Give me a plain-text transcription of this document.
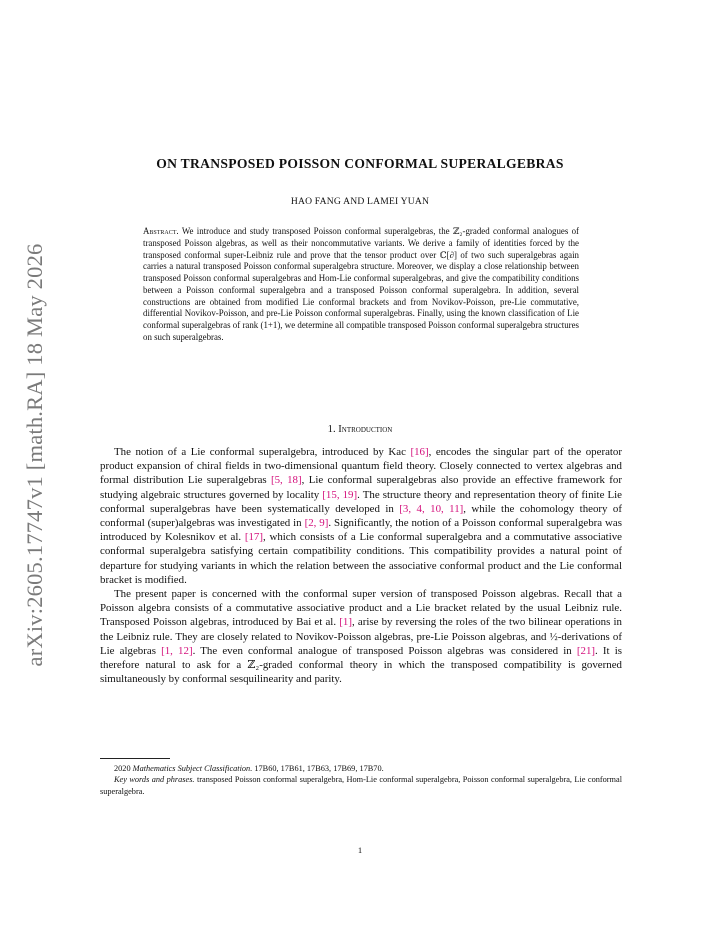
arXiv:2605.17747v1 [math.RA] 18 May 2026
ON TRANSPOSED POISSON CONFORMAL SUPERALGEBRAS
HAO FANG AND LAMEI YUAN
Abstract. We introduce and study transposed Poisson conformal superalgebras, the ℤ₂-graded conformal analogues of transposed Poisson algebras, as well as their noncommutative variants. We derive a family of identities forced by the transposed conformal super-Leibniz rule and prove that the tensor product over ℂ[∂] of two such superalgebras again carries a natural transposed Poisson conformal superalgebra structure. Moreover, we display a close relationship between transposed Poisson conformal superalgebras and Hom-Lie conformal superalgebras, and give the compatibility conditions between a Poisson conformal superalgebra and a transposed Poisson conformal superalgebra. In addition, several constructions are obtained from modified Lie conformal brackets and from Novikov-Poisson, pre-Lie commutative, differential Novikov-Poisson, and pre-Lie Poisson conformal superalgebras. Finally, using the known classification of Lie conformal superalgebras of rank (1+1), we determine all compatible transposed Poisson conformal superalgebra structures on such superalgebras.
1. Introduction

The notion of a Lie conformal superalgebra, introduced by Kac [16], encodes the singular part of the operator product expansion of chiral fields in two-dimensional quantum field theory. Closely connected to vertex algebras and formal distribution Lie superalgebras [5, 18], Lie conformal superalgebras also provide an effective framework for studying algebraic structures governed by locality [15, 19]. The structure theory and representation theory of finite Lie conformal superalgebras have been systematically developed in [3, 4, 10, 11], while the cohomology theory of conformal (super)algebras was investigated in [2, 9]. Significantly, the notion of a Poisson conformal superalgebra was introduced by Kolesnikov et al. [17], which consists of a Lie conformal superalgebra and a commutative associative conformal superalgebra satisfying certain compatibility conditions. This compatibility provides a natural point of departure for studying variants in which the relation between the associative conformal product and the Lie conformal bracket is modified.

The present paper is concerned with the conformal super version of transposed Poisson algebras. Recall that a Poisson algebra consists of a commutative associative product and a Lie bracket related by the usual Leibniz rule. Transposed Poisson algebras, introduced by Bai et al. [1], arise by reversing the roles of the two bilinear operations in the Leibniz rule. They are closely related to Novikov-Poisson algebras, pre-Lie Poisson algebras, and ½-derivations of Lie algebras [1, 12]. The even conformal analogue of transposed Poisson algebras was considered in [21]. It is therefore natural to ask for a ℤ₂-graded conformal theory in which the transposed compatibility is governed simultaneously by conformal sesquilinearity and parity.

2020 Mathematics Subject Classification. 17B60, 17B61, 17B63, 17B69, 17B70.

Key words and phrases. transposed Poisson conformal superalgebra, Hom-Lie conformal superalgebra, Poisson conformal superalgebra, Lie conformal superalgebra.

1
